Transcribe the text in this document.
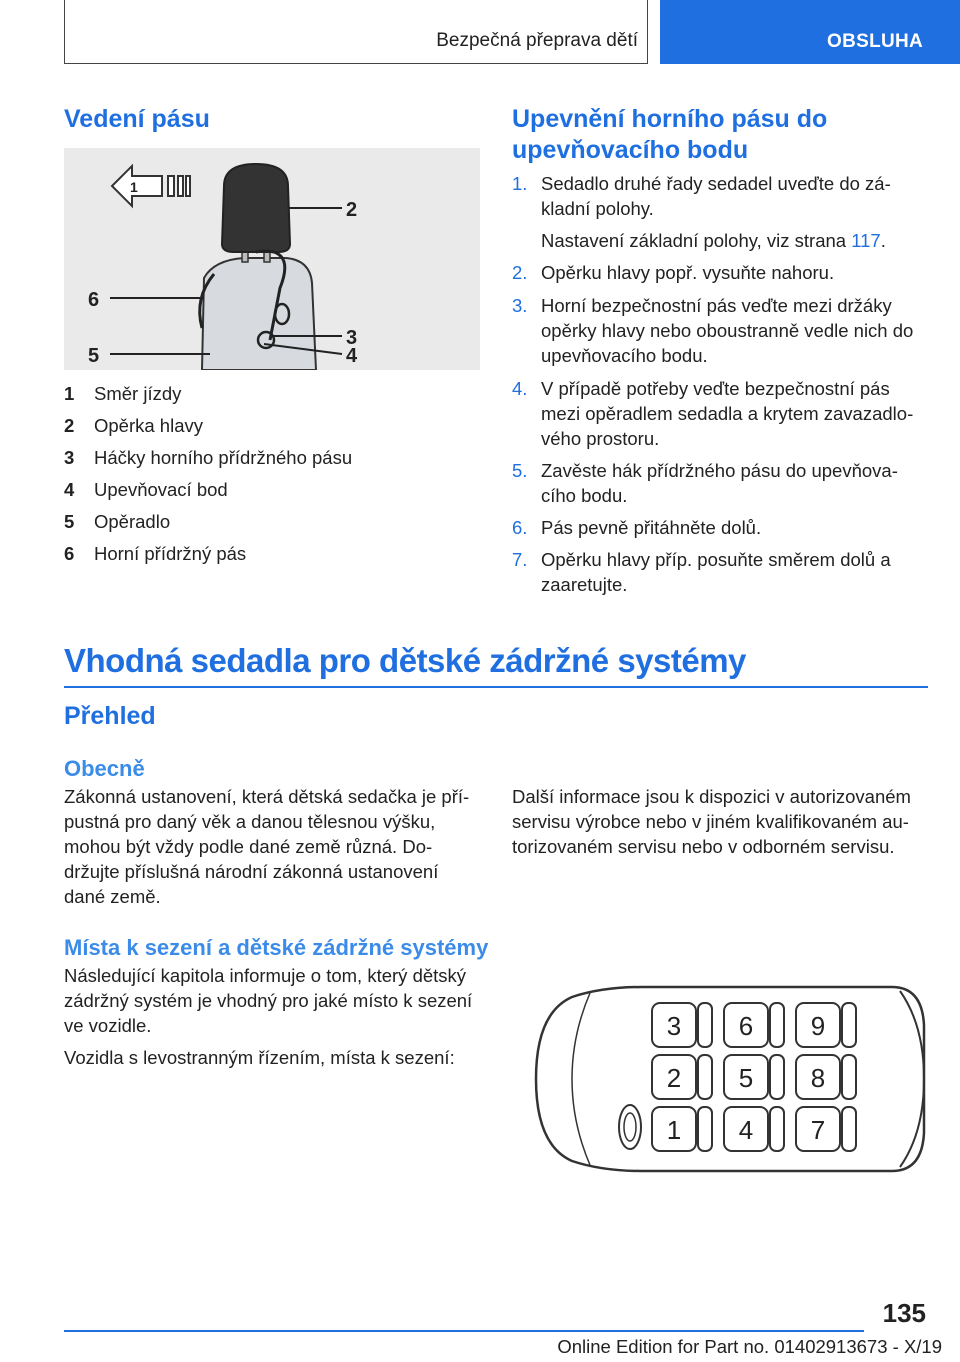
Bezpečná přeprava dětí	OBSLUHA
Vedení pásu
1
2
3
4
5
6
1 Směr jízdy
2 Opěrka hlavy
3 Háčky horního přídržného pásu
4 Upevňovací bod
5 Opěradlo
6 Horní přídržný pás
Upevnění horního pásu do
upevňovacího bodu
1. Sedadlo druhé řady sedadel uveďte do zá-
kladní polohy.
Nastavení základní polohy, viz strana 117.
2. Opěrku hlavy popř. vysuňte nahoru.
3. Horní bezpečnostní pás veďte mezi držáky
opěrky hlavy nebo oboustranně vedle nich do
upevňovacího bodu.
4. V případě potřeby veďte bezpečnostní pás
mezi opěradlem sedadla a krytem zavazadlo-
vého prostoru.
5. Zavěste hák přídržného pásu do upevňova-
cího bodu.
6. Pás pevně přitáhněte dolů.
7. Opěrku hlavy příp. posuňte směrem dolů a
zaaretujte.
Vhodná sedadla pro dětské zádržné systémy
Přehled
Obecně
Zákonná ustanovení, která dětská sedačka je pří-
pustná pro daný věk a danou tělesnou výšku,
mohou být vždy podle dané země různá. Do-
držujte příslušná národní zákonná ustanovení
dané země.
Další informace jsou k dispozici v autorizovaném
servisu výrobce nebo v jiném kvalifikovaném au-
torizovaném servisu nebo v odborném servisu.
Místa k sezení a dětské zádržné systémy
Následující kapitola informuje o tom, který dětský
zádržný systém je vhodný pro jaké místo k sezení
ve vozidle.
Vozidla s levostranným řízením, místa k sezení:
3 6 9
2 5 8
1 4 7
135
Online Edition for Part no. 01402913673 - X/19
